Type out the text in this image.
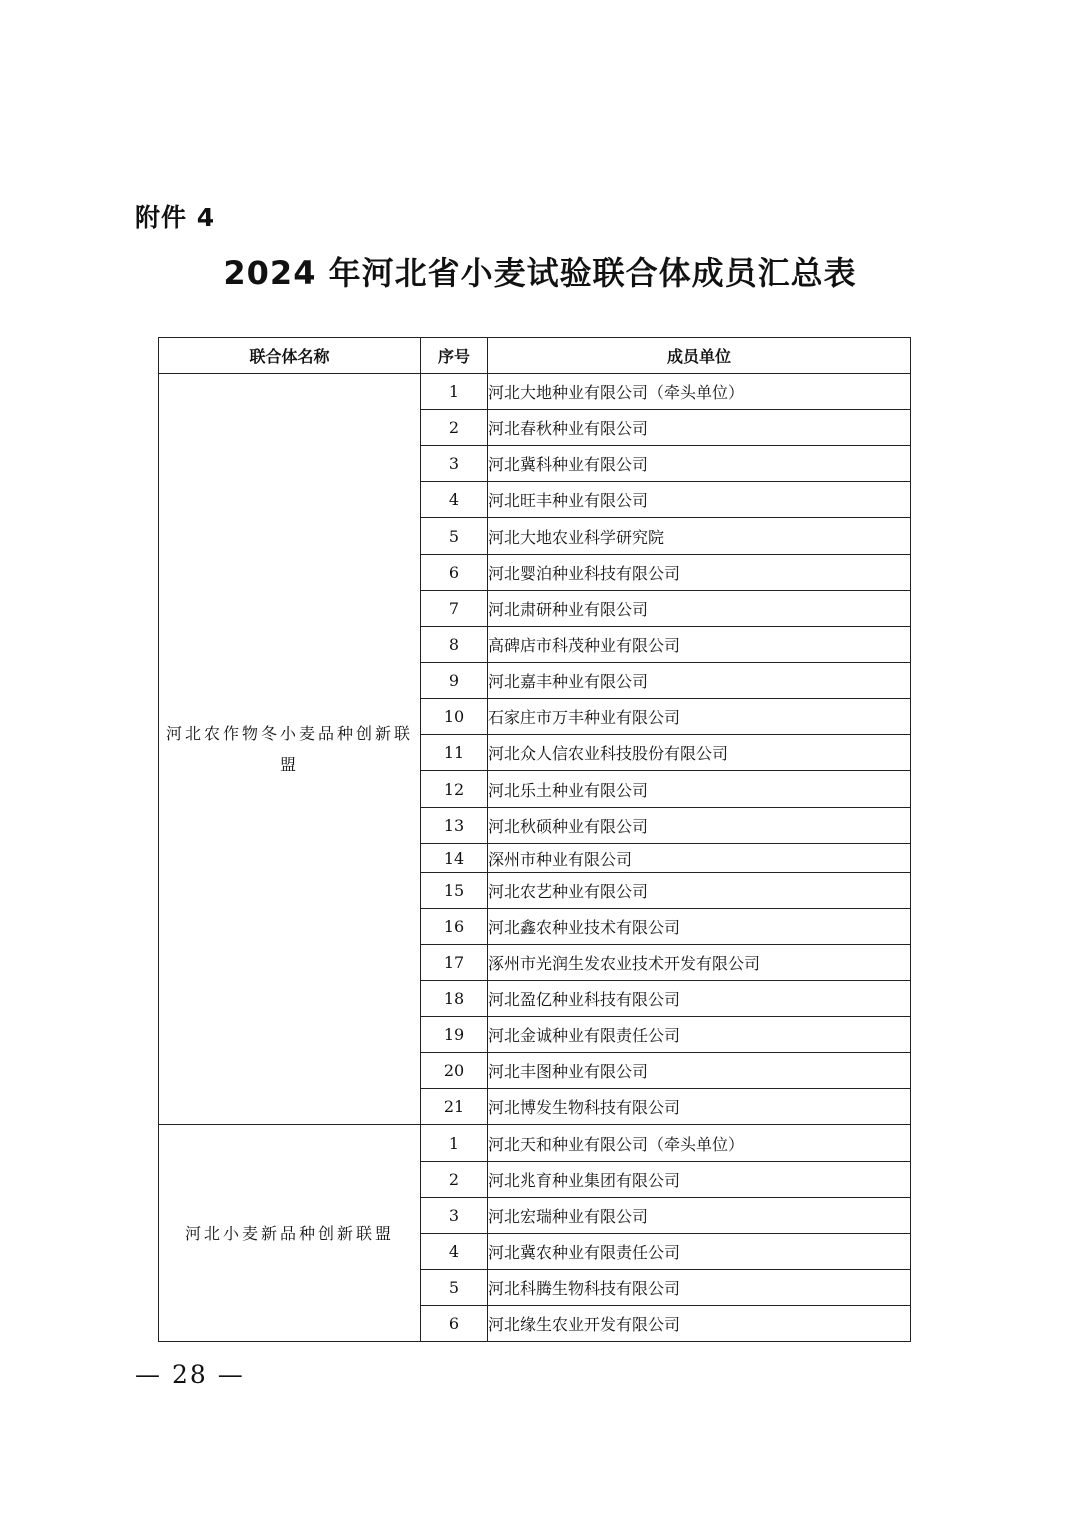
附件 4
2024 年河北省小麦试验联合体成员汇总表
联合体名称	序号	成员单位
河北农作物冬小麦品种创新联盟	1	河北大地种业有限公司（牵头单位）
	2	河北春秋种业有限公司
	3	河北冀科种业有限公司
	4	河北旺丰种业有限公司
	5	河北大地农业科学研究院
	6	河北婴泊种业科技有限公司
	7	河北肃研种业有限公司
	8	高碑店市科茂种业有限公司
	9	河北嘉丰种业有限公司
	10	石家庄市万丰种业有限公司
	11	河北众人信农业科技股份有限公司
	12	河北乐土种业有限公司
	13	河北秋硕种业有限公司
	14	深州市种业有限公司
	15	河北农艺种业有限公司
	16	河北鑫农种业技术有限公司
	17	涿州市光润生发农业技术开发有限公司
	18	河北盈亿种业科技有限公司
	19	河北金诚种业有限责任公司
	20	河北丰图种业有限公司
	21	河北博发生物科技有限公司
河北小麦新品种创新联盟	1	河北天和种业有限公司（牵头单位）
	2	河北兆育种业集团有限公司
	3	河北宏瑞种业有限公司
	4	河北冀农种业有限责任公司
	5	河北科腾生物科技有限公司
	6	河北缘生农业开发有限公司
— 28 —
